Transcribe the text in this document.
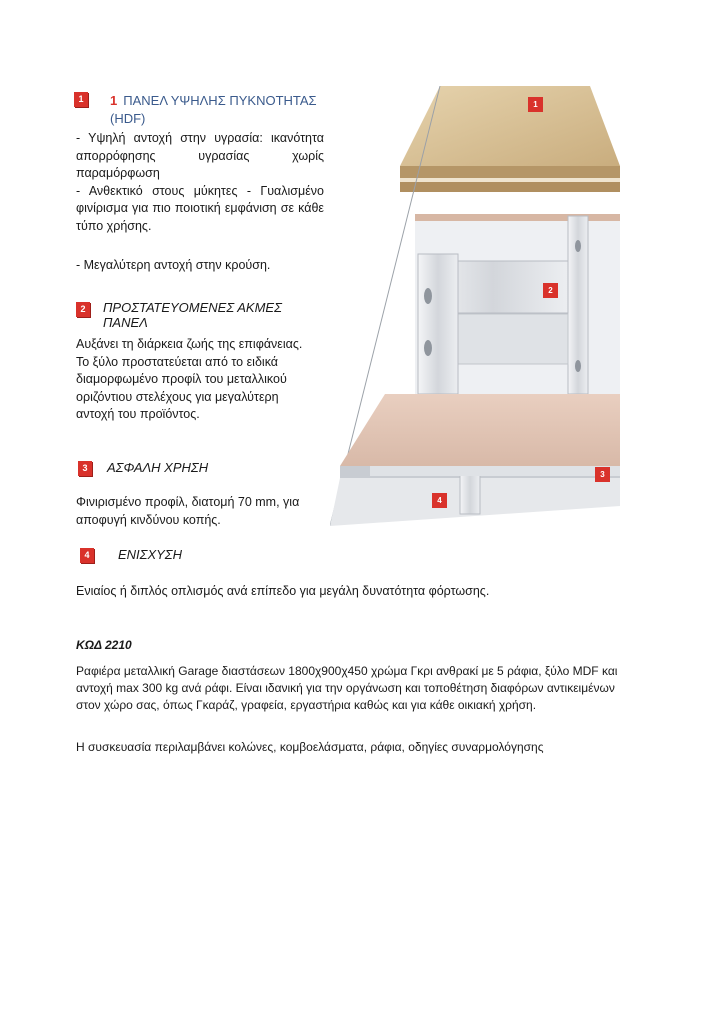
1	1 ΠΑΝΕΛ ΥΨΗΛΗΣ ΠΥΚΝΟΤΗΤΑΣ
(HDF)
- Υψηλή αντοχή στην υγρασία: ικανότητα απορρόφησης υγρασίας χωρίς παραμόρφωση
- Ανθεκτικό στους μύκητες - Γυαλισμένο φινίρισμα για πιο ποιοτική εμφάνιση σε κάθε τύπο χρήσης.
- Μεγαλύτερη αντοχή στην κρούση.
2	ΠΡΟΣΤΑΤΕΥΟΜΕΝΕΣ ΑΚΜΕΣ ΠΑΝΕΛ
Αυξάνει τη διάρκεια ζωής της επιφάνειας. Το ξύλο προστατεύεται από το ειδικά διαμορφωμένο προφίλ του μεταλλικού οριζόντιου στελέχους για μεγαλύτερη αντοχή του προϊόντος.
3	ΑΣΦΑΛΗ ΧΡΗΣΗ
Φινιρισμένο προφίλ, διατομή 70 mm, για αποφυγή κινδύνου κοπής.
4	ΕΝΙΣΧΥΣΗ
Ενιαίος ή διπλός οπλισμός ανά επίπεδο για μεγάλη δυνατότητα φόρτωσης.
1
2
3
4
ΚΩΔ 2210
Ραφιέρα μεταλλική Garage διαστάσεων 1800χ900χ450 χρώμα Γκρι ανθρακί με 5 ράφια, ξύλο MDF και αντοχή max 300 kg ανά ράφι. Είναι ιδανική για την οργάνωση και τοποθέτηση διαφόρων αντικειμένων στον χώρο σας, όπως Γκαράζ, γραφεία, εργαστήρια καθώς και για κάθε οικιακή χρήση.
Η συσκευασία περιλαμβάνει κολώνες, κομβοελάσματα, ράφια, οδηγίες συναρμολόγησης
